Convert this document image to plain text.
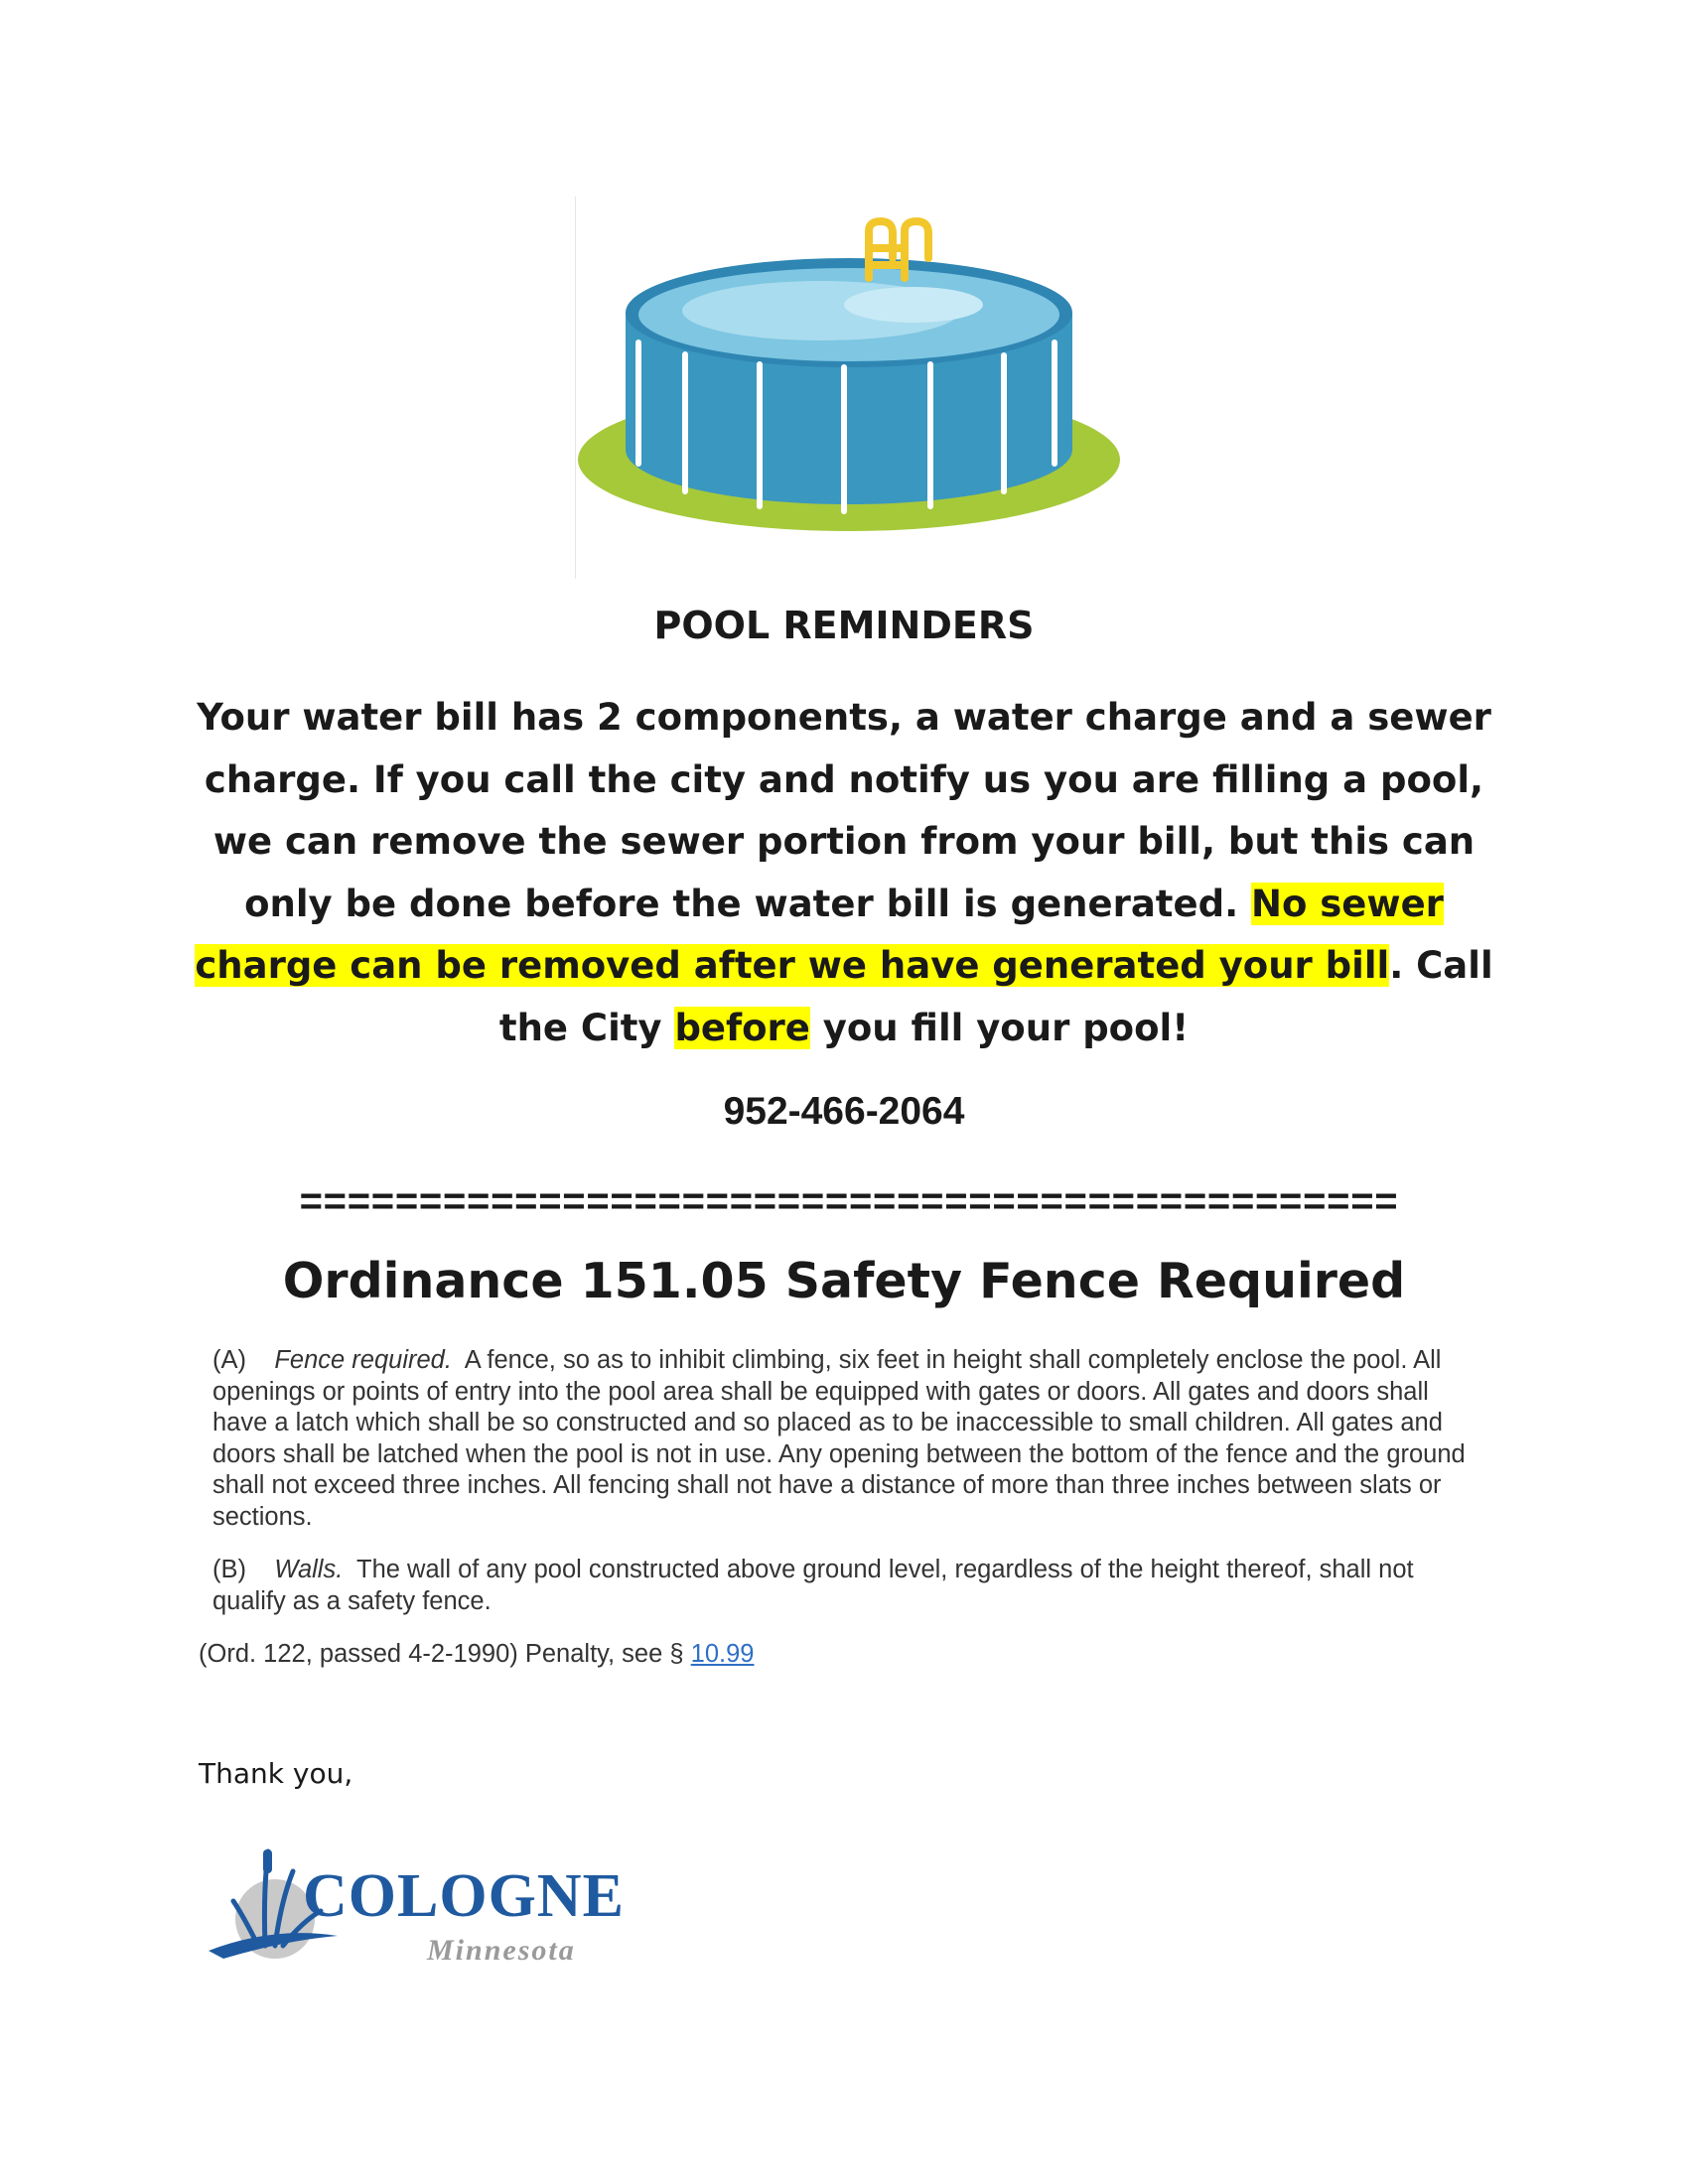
POOL REMINDERS

Your water bill has 2 components, a water charge and a sewer charge. If you call the city and notify us you are filling a pool, we can remove the sewer portion from your bill, but this can only be done before the water bill is generated. No sewer charge can be removed after we have generated your bill. Call the City before you fill your pool!

952-466-2064

==============================================

Ordinance 151.05 Safety Fence Required

(A) Fence required. A fence, so as to inhibit climbing, six feet in height shall completely enclose the pool. All openings or points of entry into the pool area shall be equipped with gates or doors. All gates and doors shall have a latch which shall be so constructed and so placed as to be inaccessible to small children. All gates and doors shall be latched when the pool is not in use. Any opening between the bottom of the fence and the ground shall not exceed three inches. All fencing shall not have a distance of more than three inches between slats or sections.

(B) Walls. The wall of any pool constructed above ground level, regardless of the height thereof, shall not qualify as a safety fence.

(Ord. 122, passed 4-2-1990) Penalty, see § 10.99

Thank you,

COLOGNE
Minnesota
